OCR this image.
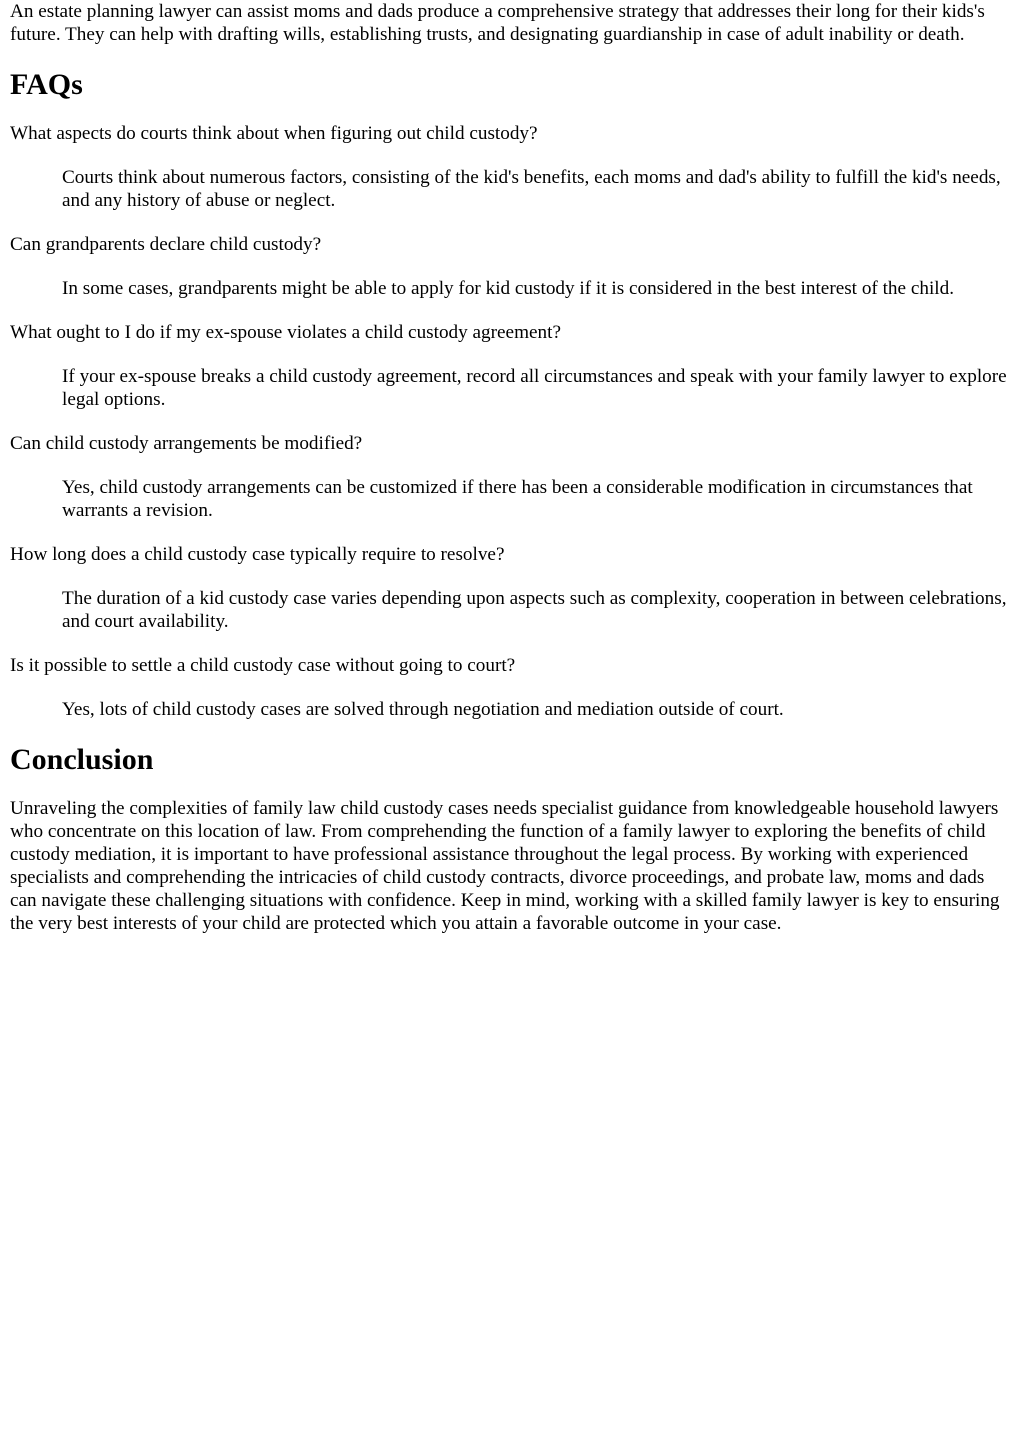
An estate planning lawyer can assist moms and dads produce a comprehensive strategy that addresses their long for their kids's future. They can help with drafting wills, establishing trusts, and designating guardianship in case of adult inability or death.

FAQs
What aspects do courts think about when figuring out child custody?
Courts think about numerous factors, consisting of the kid's benefits, each moms and dad's ability to fulfill the kid's needs, and any history of abuse or neglect.
Can grandparents declare child custody?
In some cases, grandparents might be able to apply for kid custody if it is considered in the best interest of the child.
What ought to I do if my ex-spouse violates a child custody agreement?
If your ex-spouse breaks a child custody agreement, record all circumstances and speak with your family lawyer to explore legal options.
Can child custody arrangements be modified?
Yes, child custody arrangements can be customized if there has been a considerable modification in circumstances that warrants a revision.
How long does a child custody case typically require to resolve?
The duration of a kid custody case varies depending upon aspects such as complexity, cooperation in between celebrations, and court availability.
Is it possible to settle a child custody case without going to court?
Yes, lots of child custody cases are solved through negotiation and mediation outside of court.
Conclusion

Unraveling the complexities of family law child custody cases needs specialist guidance from knowledgeable household lawyers who concentrate on this location of law. From comprehending the function of a family lawyer to exploring the benefits of child custody mediation, it is important to have professional assistance throughout the legal process. By working with experienced specialists and comprehending the intricacies of child custody contracts, divorce proceedings, and probate law, moms and dads can navigate these challenging situations with confidence. Keep in mind, working with a skilled family lawyer is key to ensuring the very best interests of your child are protected which you attain a favorable outcome in your case.
